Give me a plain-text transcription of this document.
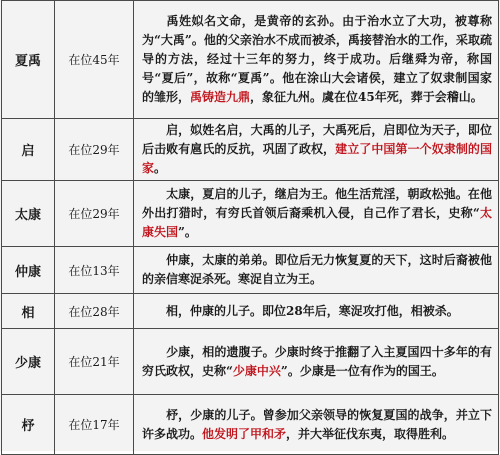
夏禹	在位45年	禹姓姒名文命，是黄帝的玄孙。由于治水立了大功，被尊称为“大禹”。他的父亲治水不成而被杀，禹接替治水的工作，采取疏导的方法，经过十三年的努力，终于成功。后继舜为帝，称国号“夏后”，故称“夏禹”。他在涂山大会诸侯，建立了奴隶制国家的雏形，禹铸造九鼎，象征九州。虞在位45年死，葬于会稽山。
启	在位29年	启，姒姓名启，大禹的儿子，大禹死后，启即位为天子，即位后击败有扈氏的反抗，巩固了政权，建立了中国第一个奴隶制的国家。
太康	在位29年	太康，夏启的儿子，继启为王。他生活荒淫，朝政松弛。在他外出打猎时，有穷氏首领后裔乘机入侵，自己作了君长，史称“太康失国”。
仲康	在位13年	仲康，太康的弟弟。即位后无力恢复夏的天下，这时后裔被他的亲信寒浞杀死。寒浞自立为王。
相	在位28年	相，仲康的儿子。即位28年后，寒浞攻打他，相被杀。
少康	在位21年	少康，相的遗腹子。少康时终于推翻了入主夏国四十多年的有穷氏政权，史称“少康中兴”。少康是一位有作为的国王。
杼	在位17年	杼，少康的儿子。曾参加父亲领导的恢复夏国的战争，并立下许多战功。他发明了甲和矛，并大举征伐东夷，取得胜利。
